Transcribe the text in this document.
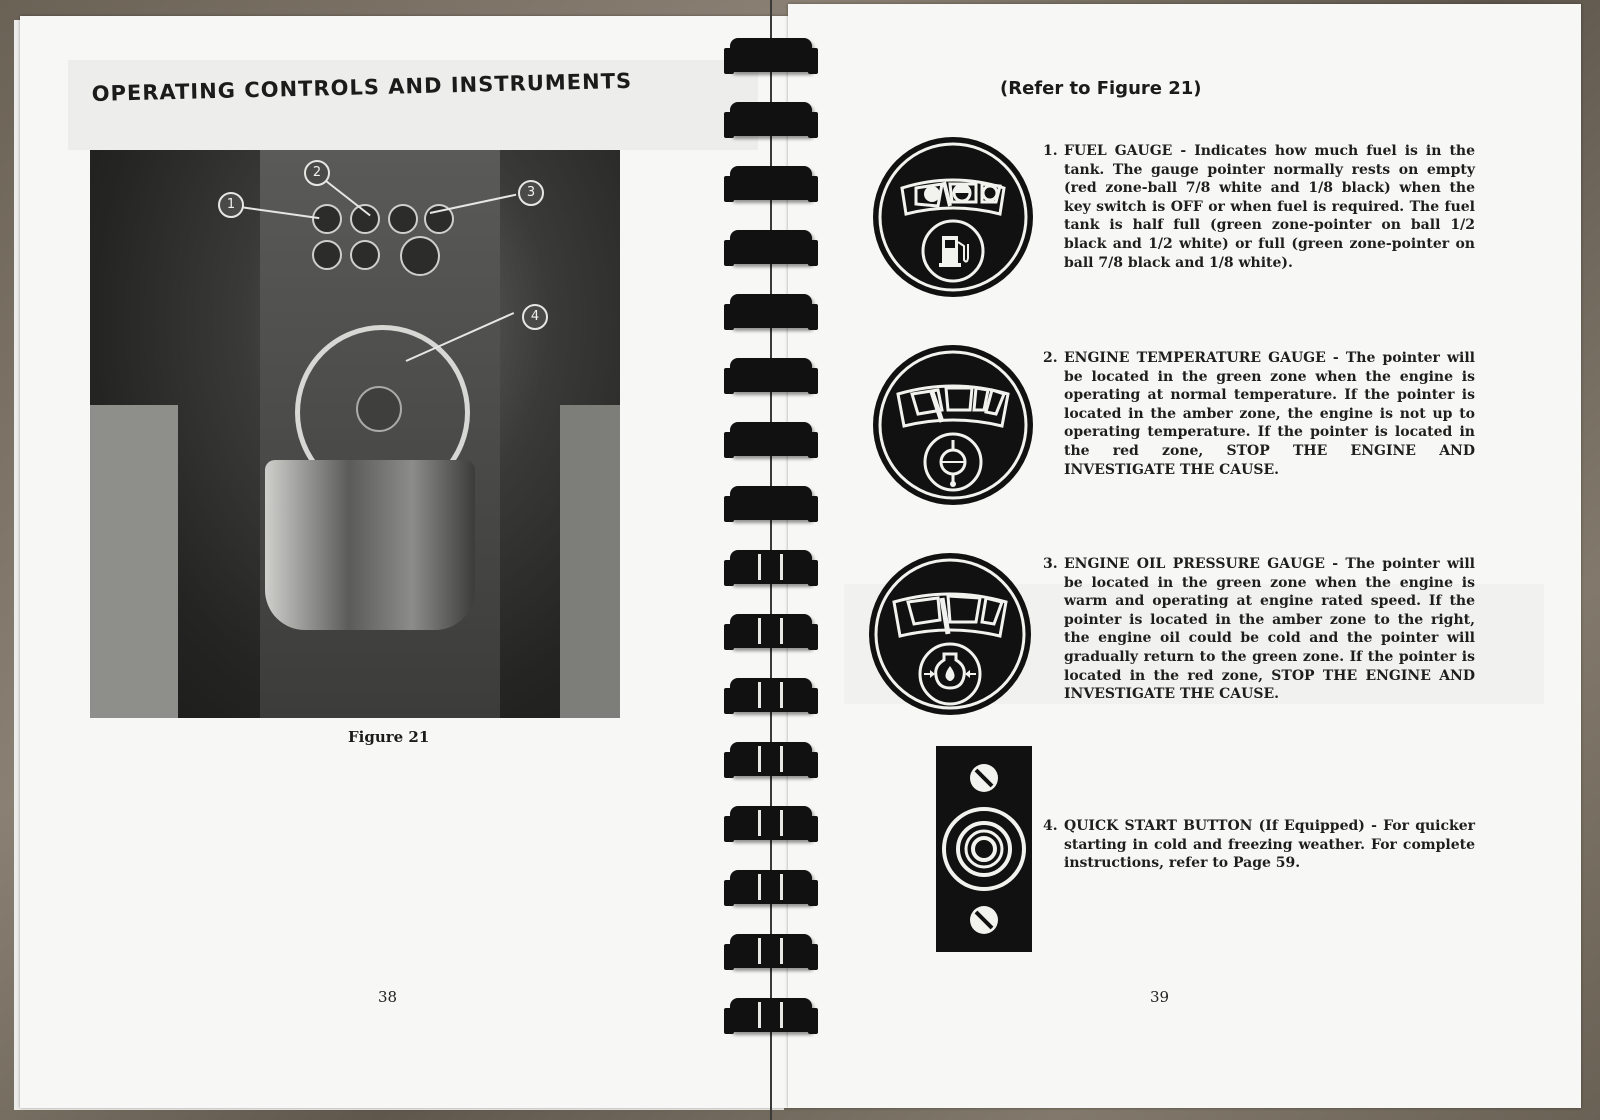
OPERATING CONTROLS AND INSTRUMENTS
1
2
3
4
Figure 21
38
(Refer to Figure 21)
1. FUEL GAUGE - Indicates how much fuel is in the tank. The gauge pointer normally rests on empty (red zone-ball 7/8 white and 1/8 black) when the key switch is OFF or when fuel is required. The fuel tank is half full (green zone-pointer on ball 1/2 black and 1/2 white) or full (green zone-pointer on ball 7/8 black and 1/8 white).
2. ENGINE TEMPERATURE GAUGE - The pointer will be located in the green zone when the engine is operating at normal temperature. If the pointer is located in the amber zone, the engine is not up to operating temperature. If the pointer is located in the red zone, STOP THE ENGINE AND INVESTIGATE THE CAUSE.
3. ENGINE OIL PRESSURE GAUGE - The pointer will be located in the green zone when the engine is warm and operating at engine rated speed. If the pointer is located in the amber zone to the right, the engine oil could be cold and the pointer will gradually return to the green zone. If the pointer is located in the red zone, STOP THE ENGINE AND INVESTIGATE THE CAUSE.
4. QUICK START BUTTON (If Equipped) - For quicker starting in cold and freezing weather. For complete instructions, refer to Page 59.
39
